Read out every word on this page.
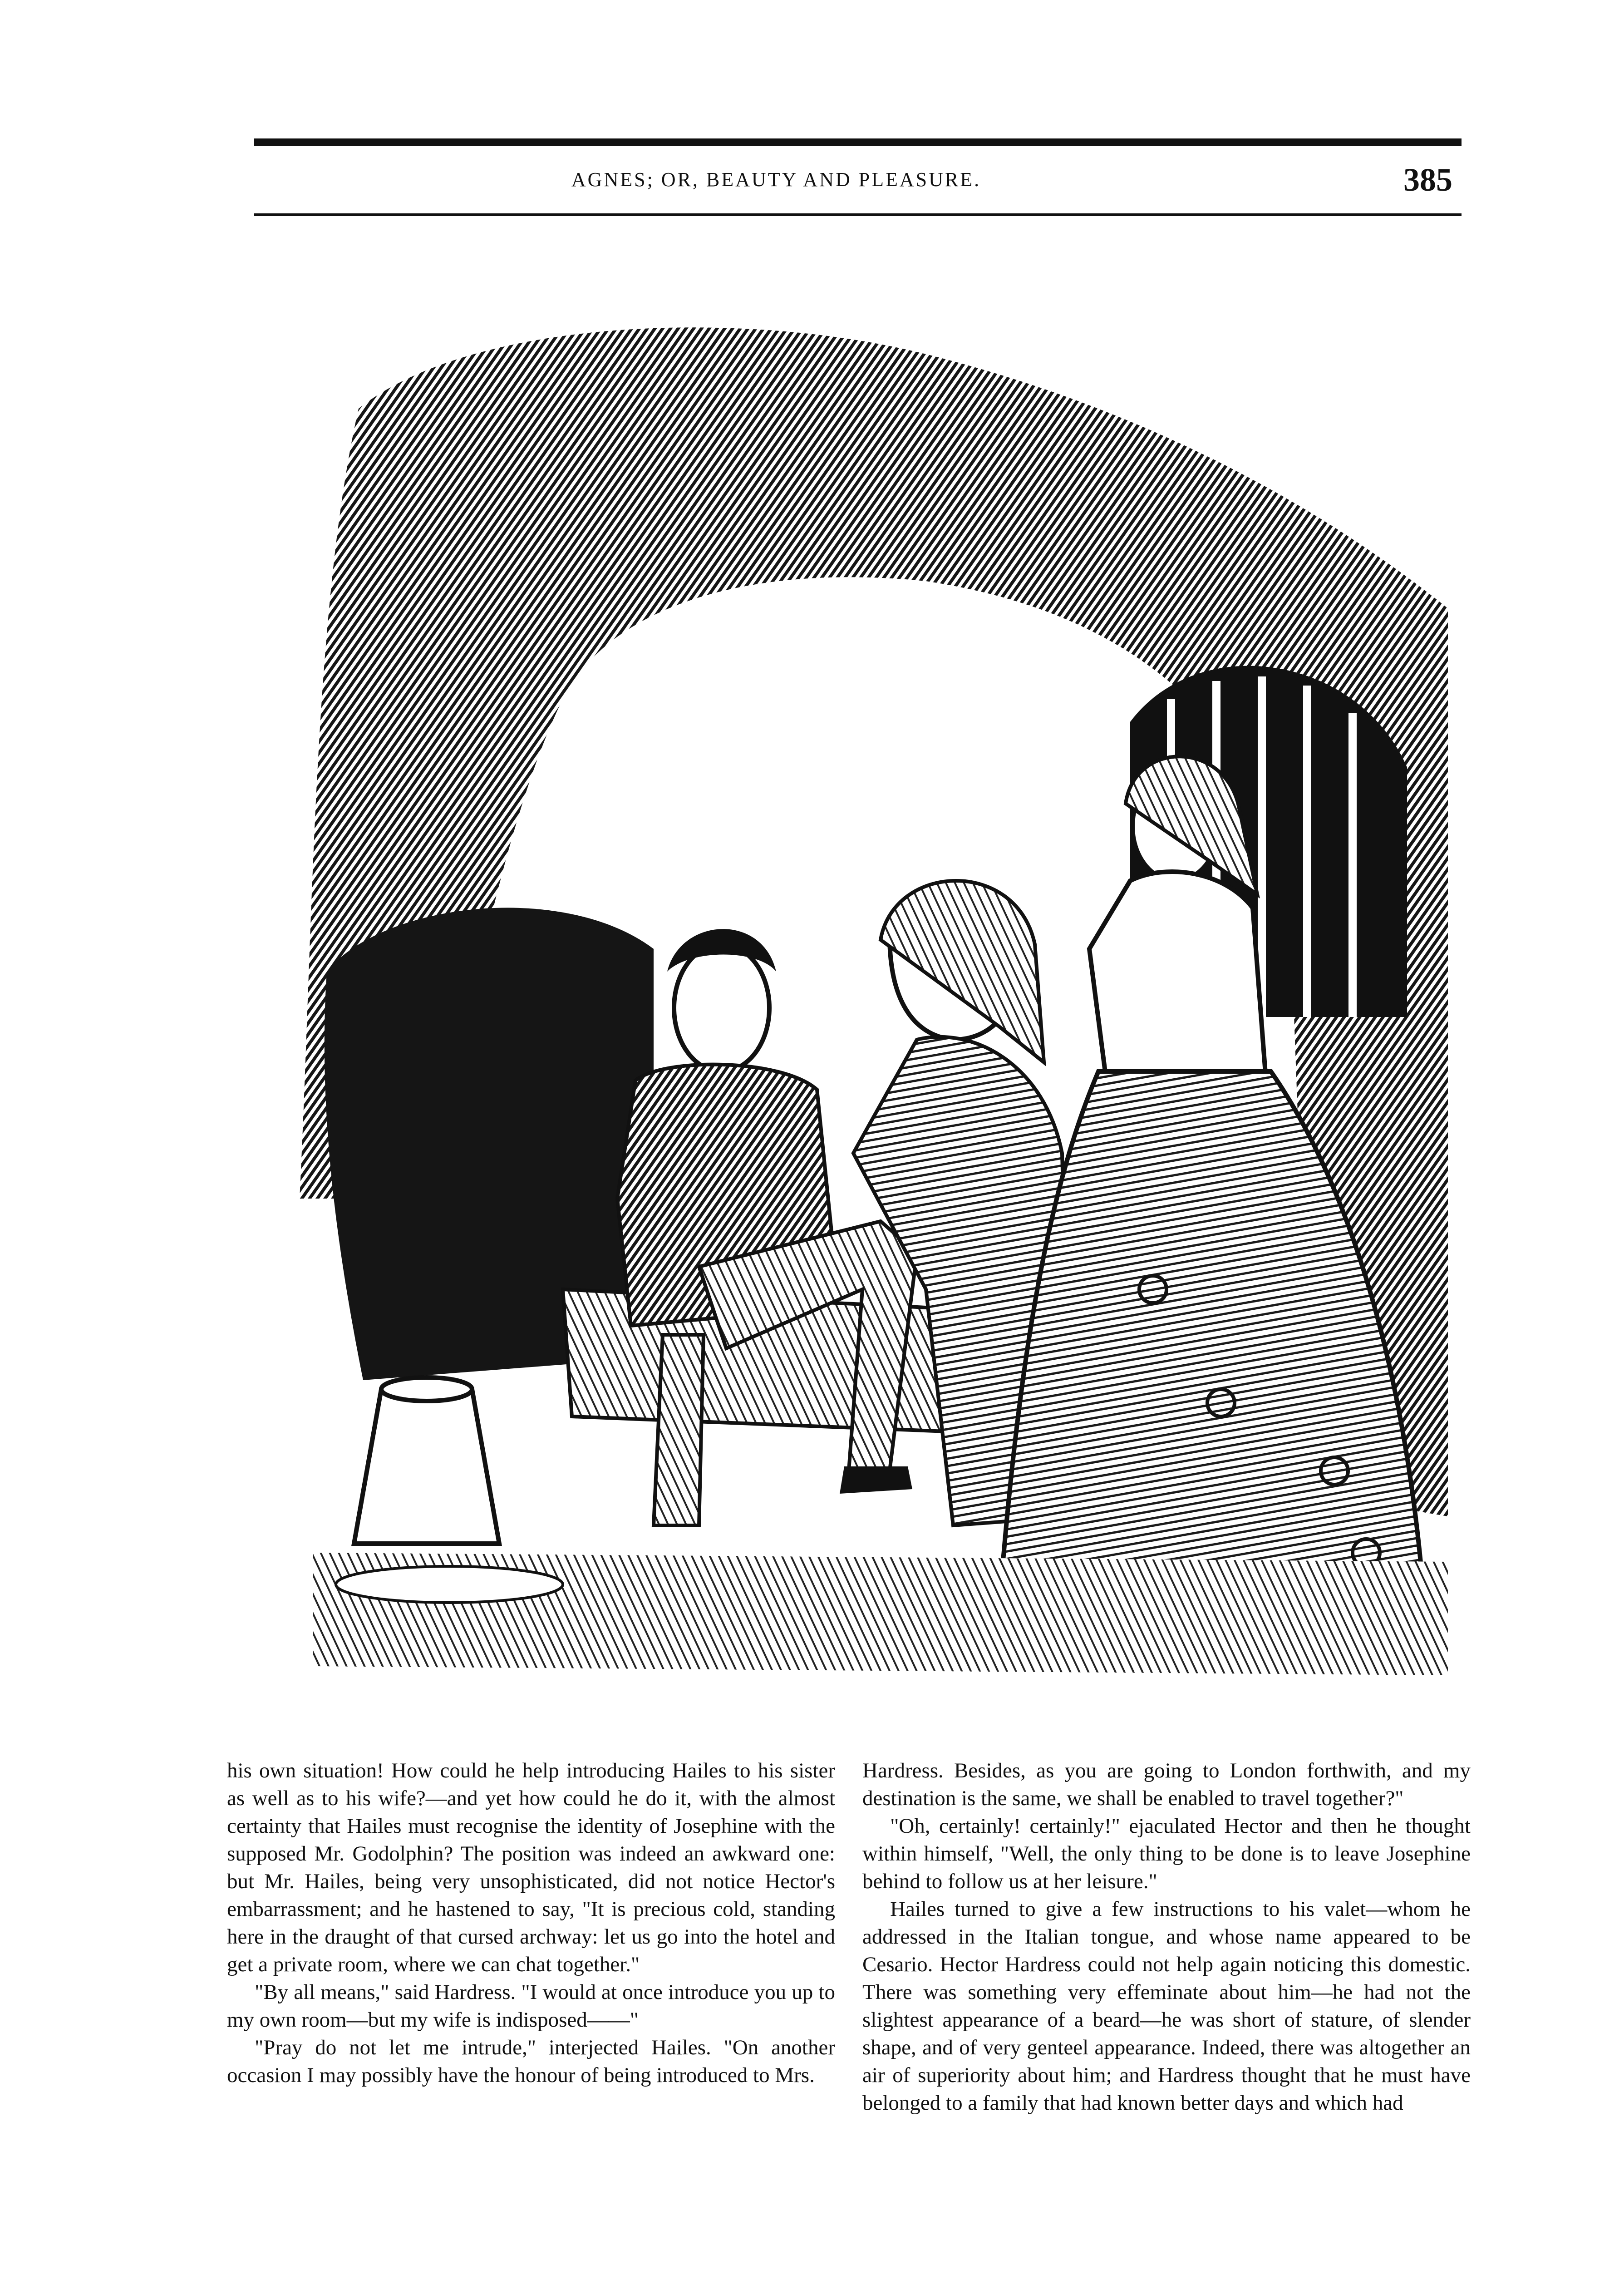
AGNES; OR, BEAUTY AND PLEASURE.	385

his own situation! How could he help introducing Hailes to his sister as well as to his wife?—and yet how could he do it, with the almost certainty that Hailes must recognise the identity of Josephine with the supposed Mr. Godolphin? The position was indeed an awkward one: but Mr. Hailes, being very unsophisticated, did not notice Hector's embarrassment; and he hastened to say, "It is precious cold, standing here in the draught of that cursed archway: let us go into the hotel and get a private room, where we can chat together."

"By all means," said Hardress. "I would at once introduce you up to my own room—but my wife is indisposed——"

"Pray do not let me intrude," interjected Hailes. "On another occasion I may possibly have the honour of being introduced to Mrs.

Hardress. Besides, as you are going to London forthwith, and my destination is the same, we shall be enabled to travel together?"

"Oh, certainly! certainly!" ejaculated Hector and then he thought within himself, "Well, the only thing to be done is to leave Josephine behind to follow us at her leisure."

Hailes turned to give a few instructions to his valet—whom he addressed in the Italian tongue, and whose name appeared to be Cesario. Hector Hardress could not help again noticing this domestic. There was something very effeminate about him—he had not the slightest appearance of a beard—he was short of stature, of slender shape, and of very genteel appearance. Indeed, there was altogether an air of superiority about him; and Hardress thought that he must have belonged to a family that had known better days and which had
